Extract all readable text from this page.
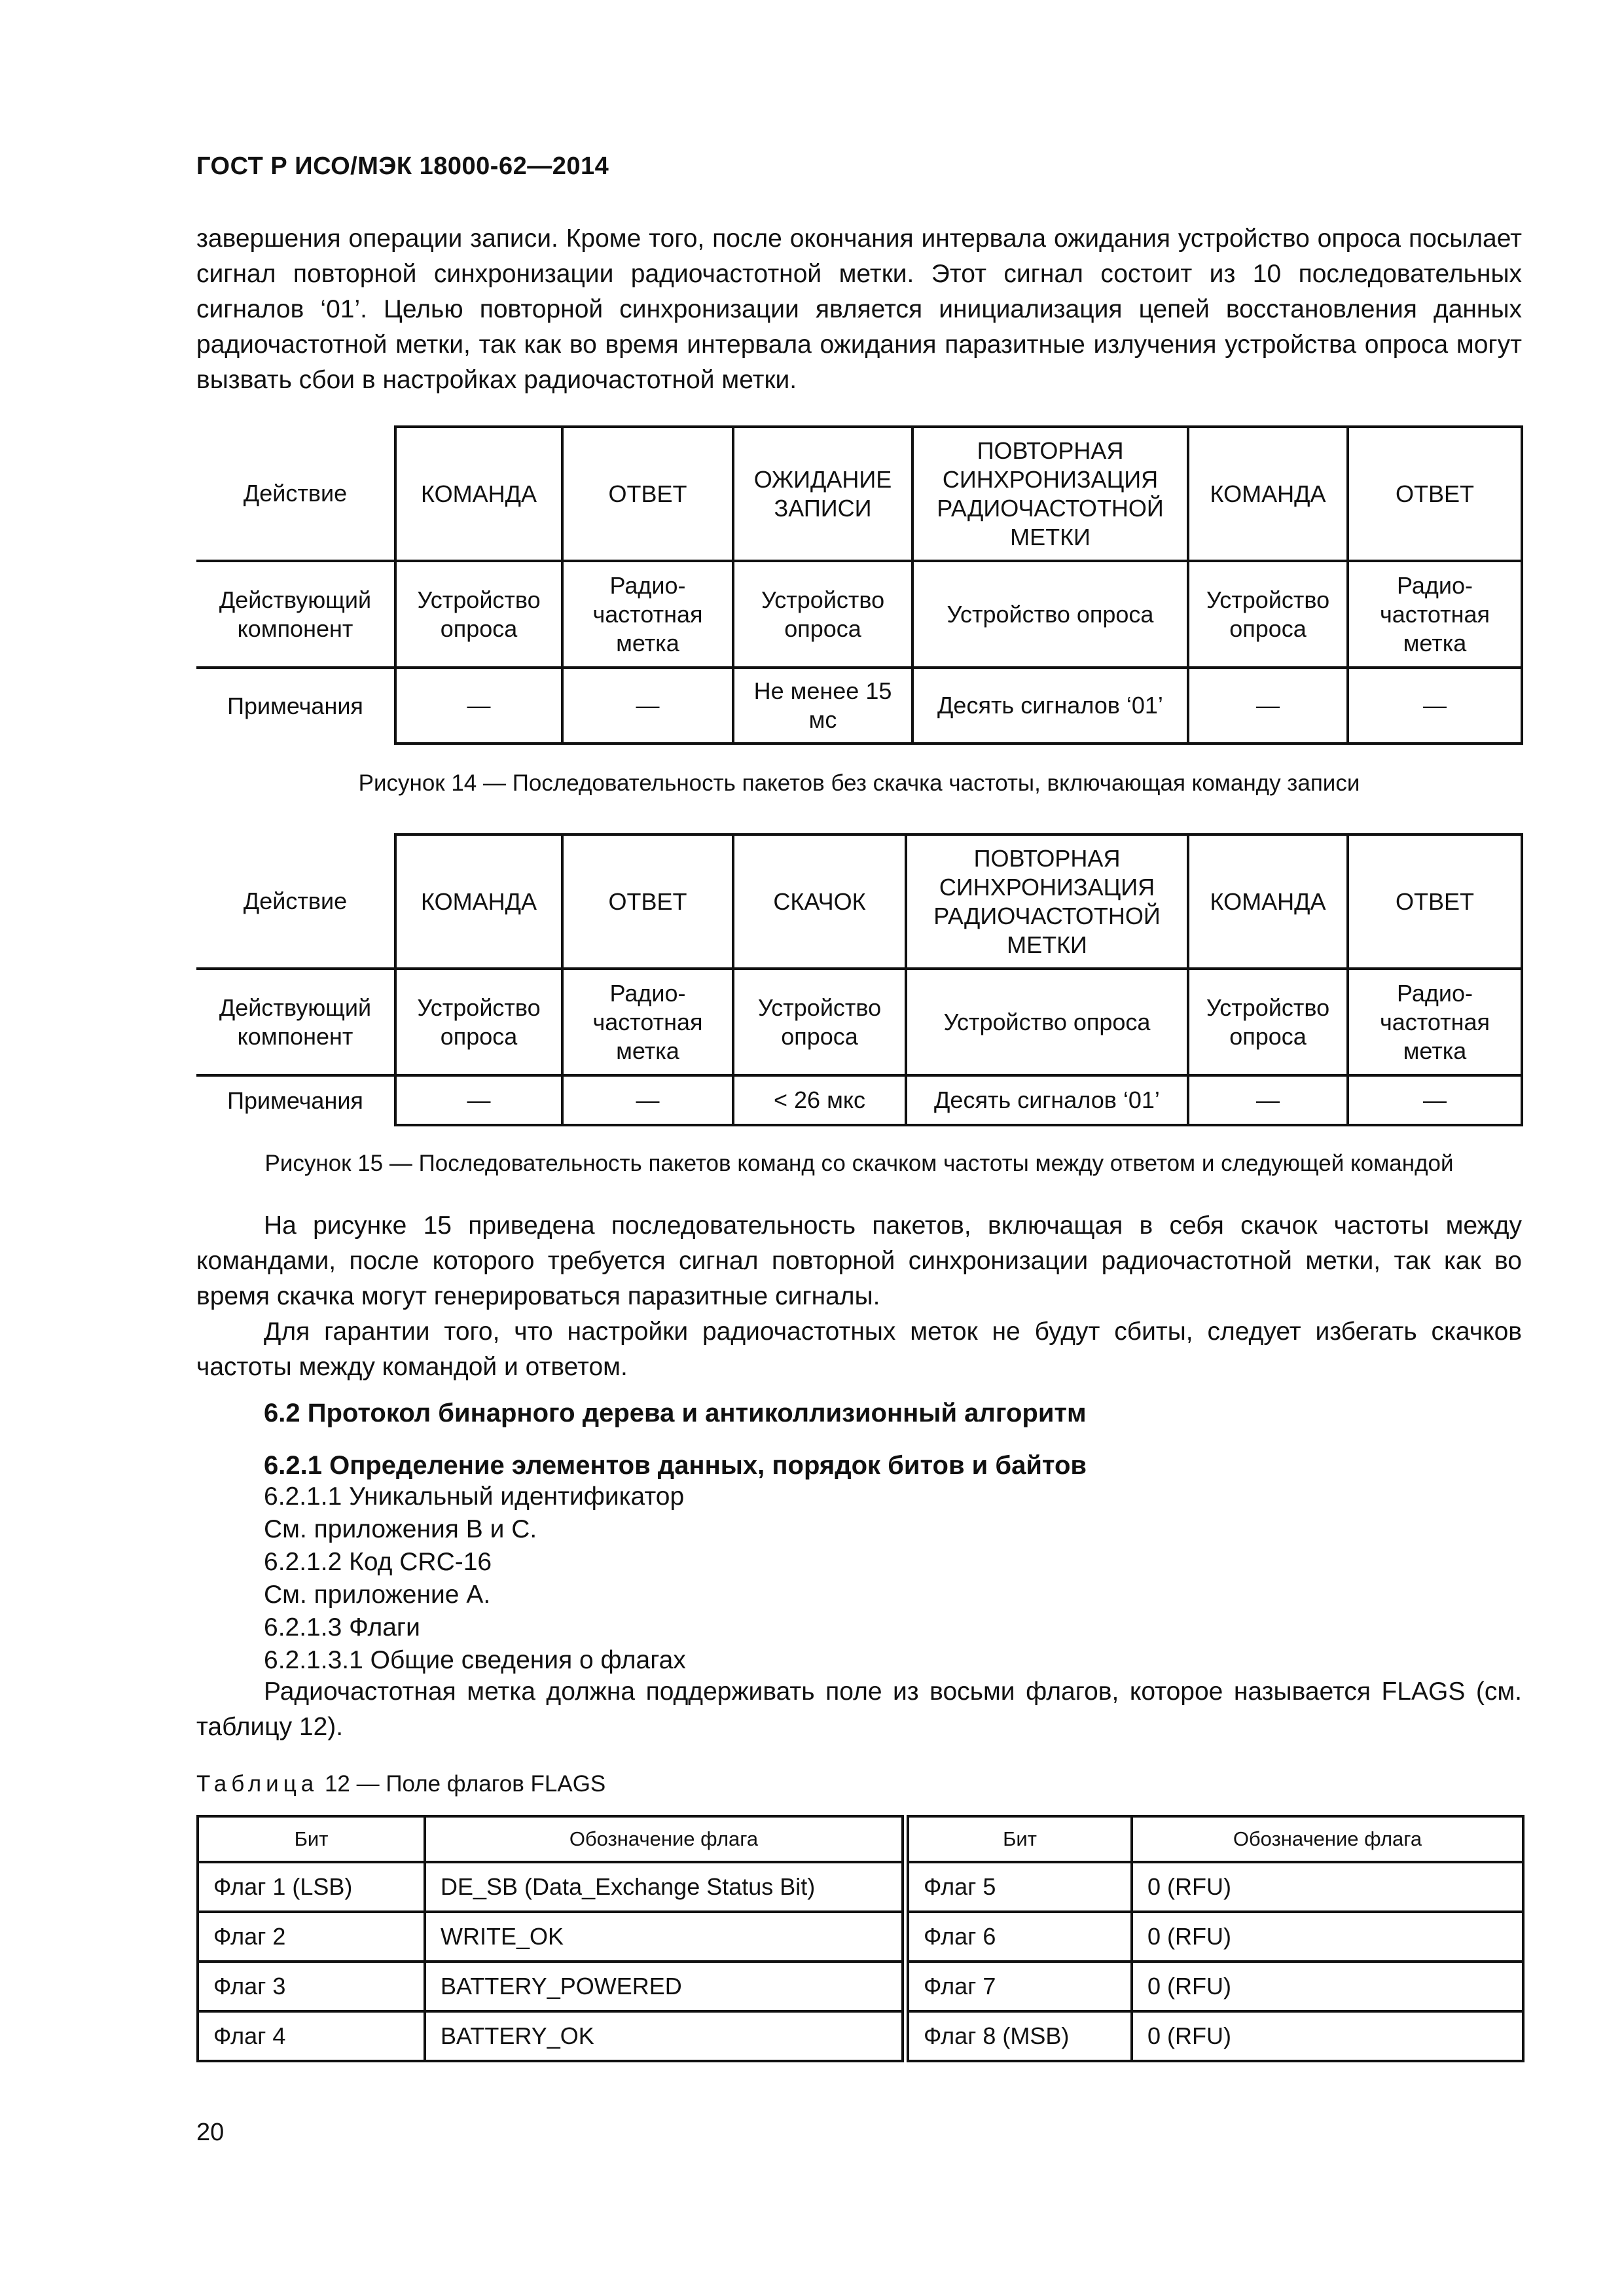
ГОСТ Р ИСО/МЭК 18000-62—2014

завершения операции записи. Кроме того, после окончания интервала ожидания устройство опроса посылает сигнал повторной синхронизации радиочастотной метки. Этот сигнал состоит из 10 последовательных сигналов ‘01’. Целью повторной синхронизации является инициализация цепей восстановления данных радиочастотной метки, так как во время интервала ожидания паразитные излучения устройства опроса могут вызвать сбои в настройках радиочастотной метки.

Действие	КОМАНДА	ОТВЕТ	ОЖИДАНИЕ ЗАПИСИ	ПОВТОРНАЯ СИНХРОНИЗАЦИЯ РАДИОЧАСТОТНОЙ МЕТКИ	КОМАНДА	ОТВЕТ
Действующий компонент	Устройство опроса	Радио-частотная метка	Устройство опроса	Устройство опроса	Устройство опроса	Радио-частотная метка
Примечания	—	—	Не менее 15 мс	Десять сигналов ‘01’	—	—
Рисунок 14 — Последовательность пакетов без скачка частоты, включающая команду записи
Действие	КОМАНДА	ОТВЕТ	СКАЧОК	ПОВТОРНАЯ СИНХРОНИЗАЦИЯ РАДИОЧАСТОТНОЙ МЕТКИ	КОМАНДА	ОТВЕТ
Действующий компонент	Устройство опроса	Радио-частотная метка	Устройство опроса	Устройство опроса	Устройство опроса	Радио-частотная метка
Примечания	—	—	< 26 мкс	Десять сигналов ‘01’	—	—
Рисунок 15 — Последовательность пакетов команд со скачком частоты между ответом и следующей командой

На рисунке 15 приведена последовательность пакетов, включащая в себя скачок частоты между командами, после которого требуется сигнал повторной синхронизации радиочастотной метки, так как во время скачка могут генерироваться паразитные сигналы.

Для гарантии того, что настройки радиочастотных меток не будут сбиты, следует избегать скачков частоты между командой и ответом.

6.2 Протокол бинарного дерева и антиколлизионный алгоритм
6.2.1 Определение элементов данных, порядок битов и байтов
6.2.1.1 Уникальный идентификатор
См. приложения В и С.
6.2.1.2 Код CRC-16
См. приложение А.
6.2.1.3 Флаги
6.2.1.3.1 Общие сведения о флагах

Радиочастотная метка должна поддерживать поле из восьми флагов, которое называется FLAGS (см. таблицу 12).

Таблица 12 — Поле флагов FLAGS
Бит	Обозначение флага	Бит	Обозначение флага
Флаг 1 (LSB)	DE_SB (Data_Exchange Status Bit)	Флаг 5	0 (RFU)
Флаг 2	WRITE_OK	Флаг 6	0 (RFU)
Флаг 3	BATTERY_POWERED	Флаг 7	0 (RFU)
Флаг 4	BATTERY_OK	Флаг 8 (MSB)	0 (RFU)
20
